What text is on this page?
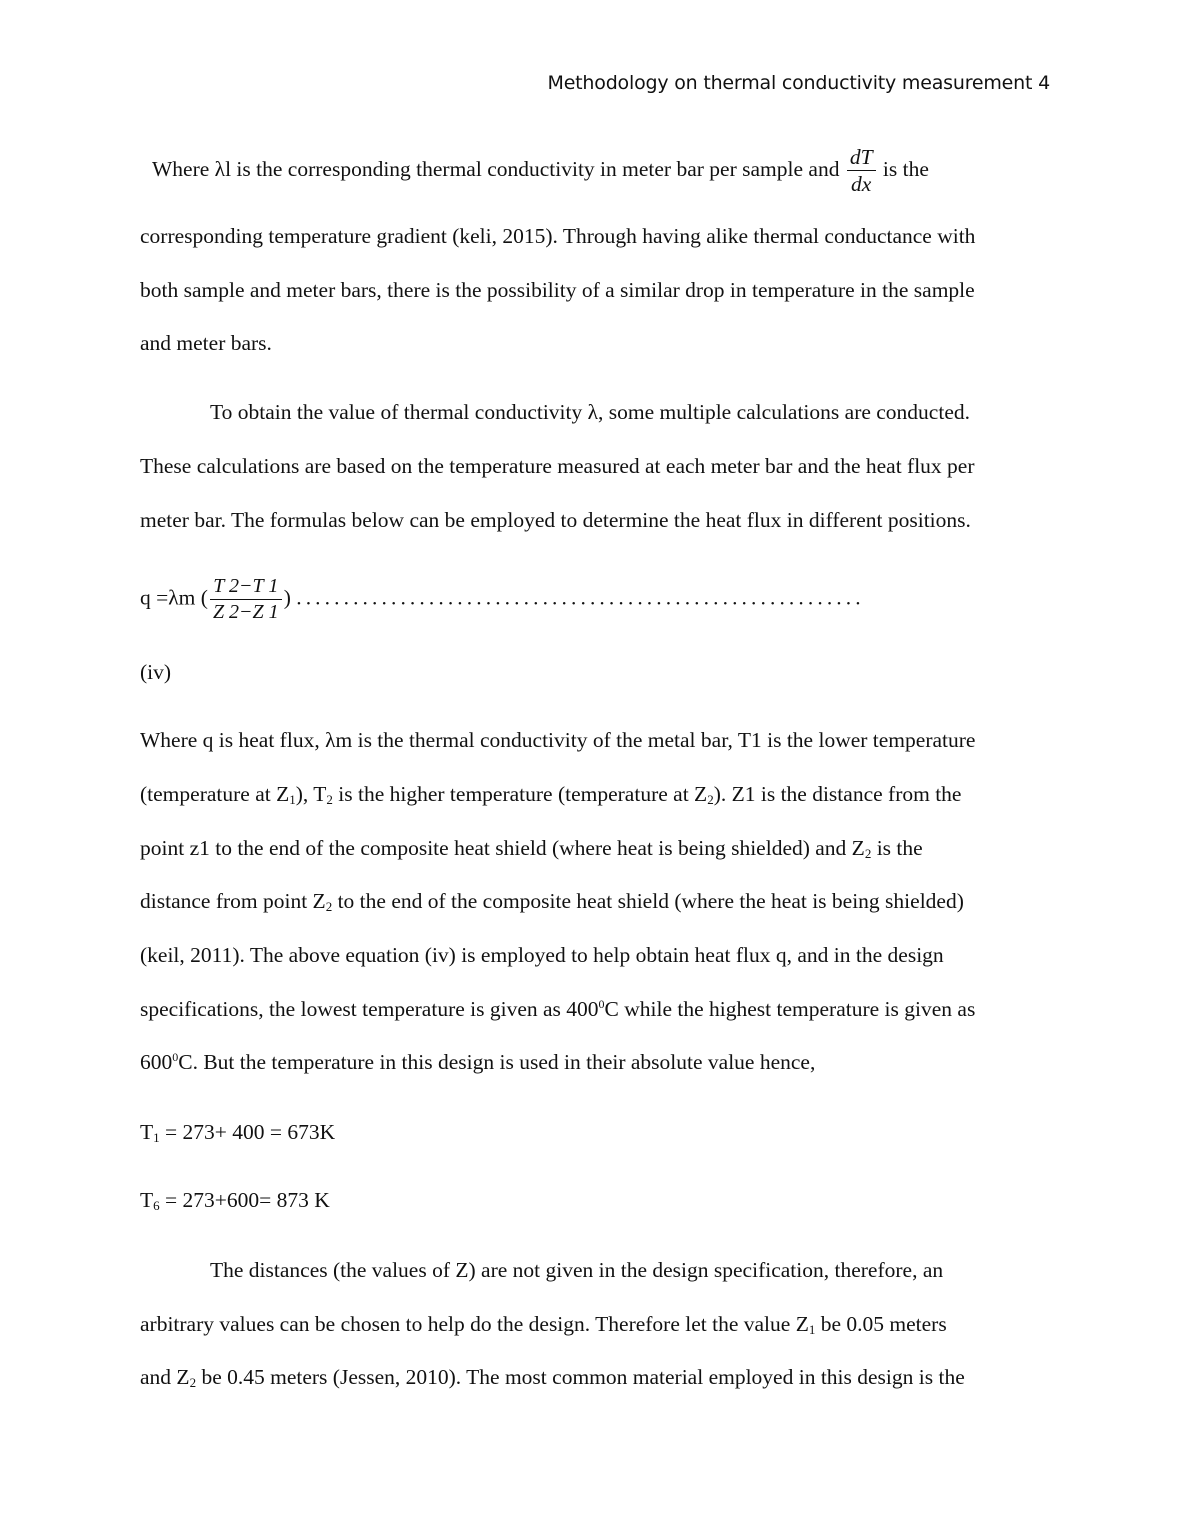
Methodology on thermal conductivity measurement 4
Where λl is the corresponding thermal conductivity in meter bar per sample and $\frac{dT}{dx}$ is the
corresponding temperature gradient (keli, 2015). Through having alike thermal conductance with
both sample and meter bars, there is the possibility of a similar drop in temperature in the sample
and meter bars.
To obtain the value of thermal conductivity λ, some multiple calculations are conducted.
These calculations are based on the temperature measured at each meter bar and the heat flux per
meter bar. The formulas below can be employed to determine the heat flux in different positions.
q =λm ( $\frac{T 2-T 1}{Z 2-Z 1}$ ) ............................................................
(iv)
Where q is heat flux, λm is the thermal conductivity of the metal bar, T1 is the lower temperature
(temperature at $Z_1$), $T_2$ is the higher temperature (temperature at $Z_2$). Z1 is the distance from the
point z1 to the end of the composite heat shield (where heat is being shielded) and $Z_2$ is the
distance from point $Z_2$ to the end of the composite heat shield (where the heat is being shielded)
(keil, 2011). The above equation (iv) is employed to help obtain heat flux q, and in the design
specifications, the lowest temperature is given as $400^0C$ while the highest temperature is given as
$600^0C$. But the temperature in this design is used in their absolute value hence,
$T_1 = 273+ 400 = 673K$
$T_6 = 273+600= 873$ K
The distances (the values of Z) are not given in the design specification, therefore, an
arbitrary values can be chosen to help do the design. Therefore let the value $Z_1$ be 0.05 meters
and $Z_2$ be 0.45 meters (Jessen, 2010). The most common material employed in this design is the
